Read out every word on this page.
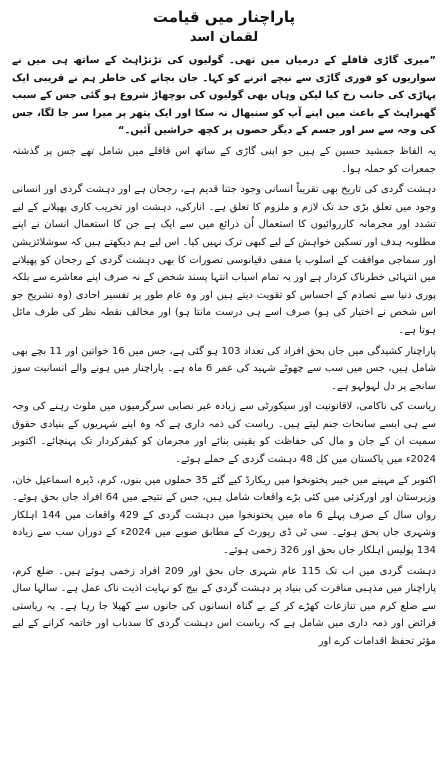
پاراچنار میں قیامت
لقمان اسد

”میری گاڑی قافلے کے درمیان میں تھی۔ گولیوں کی تڑتڑاہٹ کے ساتھ ہی میں نے سواریوں کو فوری گاڑی سے نیچے اترنے کو کہا۔ جان بچانے کی خاطر ہم نے قریبی ایک پہاڑی کی جانب رخ کیا لیکن وہاں بھی گولیوں کی بوچھاڑ شروع ہو گئی جس کے سبب گھبراہٹ کے باعث میں اپنے آپ کو سنبھال نہ سکا اور ایک پتھر پر میرا سر جا لگا، جس کی وجہ سے سر اور جسم کے دیگر حصوں پر کچھ خراشیں آئیں۔“

یہ الفاظ جمشید حسین کے ہیں جو اپنی گاڑی کے ساتھ اس قافلے میں شامل تھے جس پر گذشتہ جمعرات کو حملہ ہوا۔

دہشت گردی کی تاریخ بھی تقریباً انسانی وجود جتنا قدیم ہے، رجحان ہے اور دہشت گردی اور انسانی وجود میں تعلق بڑی حد تک لازم و ملزوم کا تعلق ہے۔ انارکی، دہشت اور تخریب کاری پھیلانے کے لیے تشدد اور مجرمانہ کارروائیوں کا استعمال اُن ذرائع میں سے ایک ہے جن کا استعمال انسان نے اپنے مطلوبہ ہدف اور تسکین خواہش کے لیے کبھی ترک نہیں کیا۔ اس لیے ہم دیکھتے ہیں کہ سوشلائزیشن اور سماجی موافقت کے اسلوب یا منفی دقیانوسی تصورات کا بھی دہشت گردی کے رجحان کو پھیلانے میں انتہائی خطرناک کردار ہے اور یہ تمام اسباب انتہا پسند شخص کے نہ صرف اپنے معاشرے سے بلکہ پوری دنیا سے تصادم کے احساس کو تقویت دیتے ہیں اور وہ عام طور پر تفسیر احادی (وہ تشریح جو اس شخص نے اختیار کی ہو) صرف اسے ہی درست مانتا ہو) اور مخالف نقطہ نظر کی طرف مائل ہوتا ہے۔

پاراچنار کشیدگی میں جاں بحق افراد کی تعداد 103 ہو گئی ہے، جس میں 16 خواتین اور 11 بچے بھی شامل ہیں، جس میں سب سے چھوٹے شہید کی عمر 6 ماہ ہے۔ پاراچنار میں ہونے والے انسانیت سوز سانحے پر دل لہولہو ہے۔

ریاست کی ناکامی، لاقانونیت اور سیکورٹی سے زیادہ غیر نصابی سرگرمیوں میں ملوث رہنے کی وجہ سے ہی ایسے سانحات جنم لیتے ہیں۔ ریاست کی ذمہ داری ہے کہ وہ اپنے شہریوں کے بنیادی حقوق سمیت ان کے جان و مال کی حفاظت کو یقینی بنائے اور مجرمان کو کیفرکردار تک پہنچائے۔ اکتوبر 2024ء میں پاکستان میں کل 48 دہشت گردی کے حملے ہوئے۔

اکتوبر کے مہینے میں خیبر پختونخوا میں ریکارڈ کیے گئے 35 حملوں میں بنوں، کرم، ڈیرہ اسماعیل خان، وزیرستان اور اورکزئی میں کئی بڑے واقعات شامل ہیں، جس کے نتیجے میں 64 افراد جاں بحق ہوئے۔ رواں سال کے صرف پہلے 6 ماہ میں پختونخوا میں دہشت گردی کے 429 واقعات میں 144 اہلکار وشہری جاں بحق ہوئے۔ سی ٹی ڈی رپورٹ کے مطابق صوبے میں 2024ء کے دوران سب سے زیادہ 134 پولیس اہلکار جاں بحق اور 326 زخمی ہوئے۔

دہشت گردی میں اب تک 115 عام شہری جاں بحق اور 209 افراد زخمی ہوئے ہیں۔ ضلع کرم، پاراچنار میں مذہبی منافرت کی بنیاد پر دہشت گردی کے بیج کو نہایت اذیت ناک عمل ہے۔ سالہا سال سے ضلع کرم میں تنازعات کھڑے کر کے بے گناہ انسانوں کی جانوں سے کھیلا جا رہا ہے۔ یہ ریاستی فرائض اور ذمہ داری میں شامل ہے کہ ریاست اس دہشت گردی کا سدباب اور خاتمہ کرانے کے لیے مؤثر تحفظ اقدامات کرے اور
